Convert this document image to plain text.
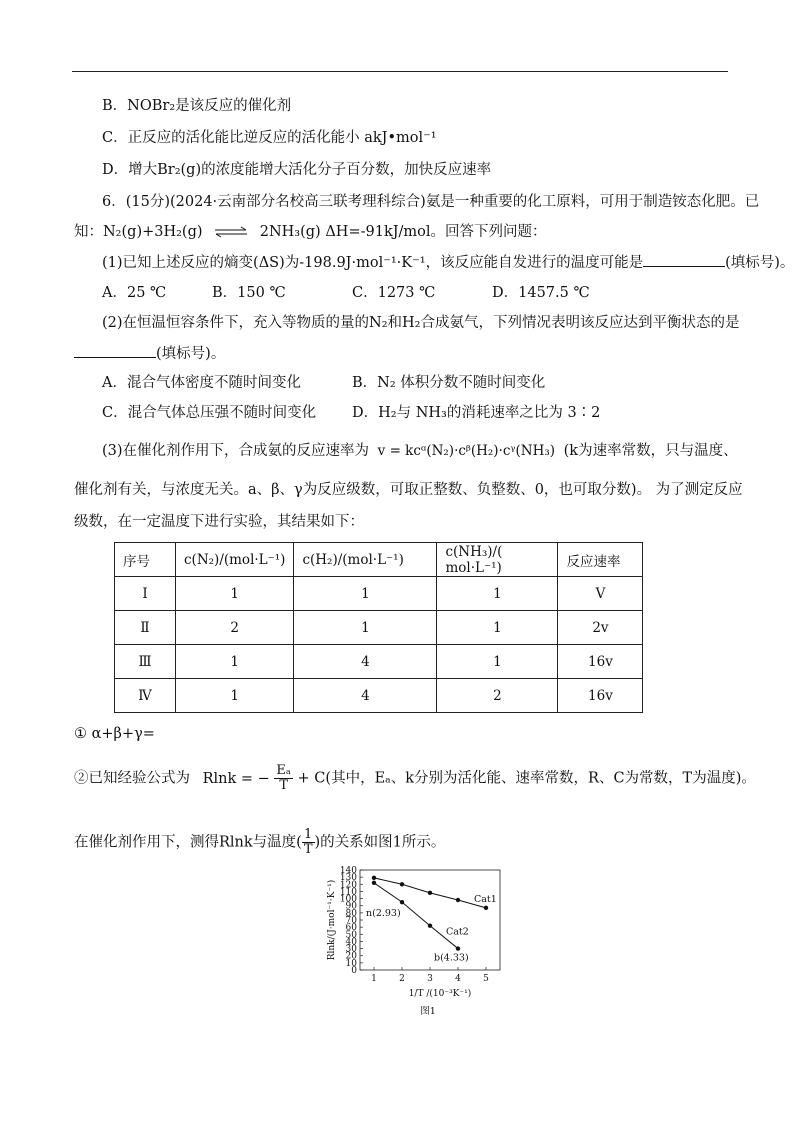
B．NOBr₂是该反应的催化剂
C．正反应的活化能比逆反应的活化能小 akJ•mol⁻¹
D．增大Br₂(g)的浓度能增大活化分子百分数，加快反应速率
6．(15分)(2024·云南部分名校高三联考理科综合)氨是一种重要的化工原料，可用于制造铵态化肥。已
知：N₂(g)+3H₂(g) ⇌ 2NH₃(g) ΔH=-91kJ/mol。回答下列问题：
(1)已知上述反应的熵变(ΔS)为-198.9J·mol⁻¹·K⁻¹，该反应能自发进行的温度可能是	(填标号)。
A．25 ℃	B．150 ℃	C．1273 ℃	D．1457.5 ℃
(2)在恒温恒容条件下，充入等物质的量的N₂和H₂合成氨气，下列情况表明该反应达到平衡状态的是
(填标号)。
A．混合气体密度不随时间变化	B．N₂ 体积分数不随时间变化
C．混合气体总压强不随时间变化 D．H₂与 NH₃的消耗速率之比为 3∶2
(3)在催化剂作用下，合成氨的反应速率为 v = kcᵅ(N₂)·cᵝ(H₂)·cᵞ(NH₃) (k为速率常数，只与温度、
催化剂有关，与浓度无关。a、β、γ为反应级数，可取正整数、负整数、0，也可取分数)。 为了测定反应
级数，在一定温度下进行实验，其结果如下：
序号	c(N₂)/(mol·L⁻¹)	c(H₂)/(mol·L⁻¹)	c(NH₃)/( mol·L⁻¹)	反应速率
Ⅰ	1	1	1	V
Ⅱ	2	1	1	2v
Ⅲ	1	4	1	16v
Ⅳ	1	4	2	16v
① α+β+γ=
②已知经验公式为 Rlnk = − $\frac{\text{Eₐ}}{T} + C$(其中，Eₐ、k分别为活化能、速率常数，R、C为常数，T为温度)。
在催化剂作用下，测得Rlnk与温度( $\frac{1}{T}$ )的关系如图1所示。
0
10
20
30
40
50
60
70
80
90
100
110
120
130
140
1 2 3 4 5
Cat1
Cat2
n(2.93)
b(4.33)
Rlnk/(J·mol⁻¹·K⁻¹)
1/T /(10⁻³K⁻¹)
图1
